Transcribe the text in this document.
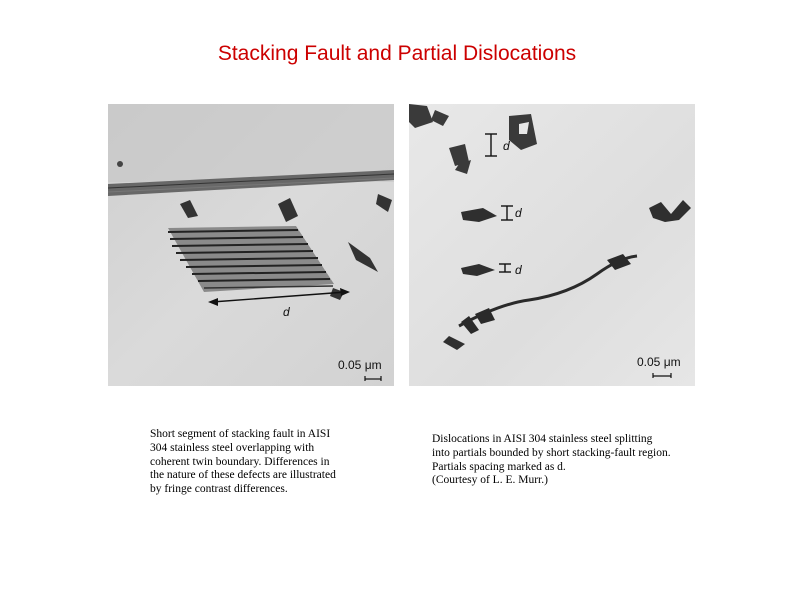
Stacking Fault and Partial Dislocations
d
0.05 μm
d
d
d
0.05 μm
Short segment of stacking fault in AISI
304 stainless steel overlapping with
coherent twin boundary. Differences in
the nature of these defects are illustrated
by fringe contrast differences.
Dislocations in AISI 304 stainless steel splitting
into partials bounded by short stacking-fault region.
Partials spacing marked as d.
(Courtesy of L. E. Murr.)
